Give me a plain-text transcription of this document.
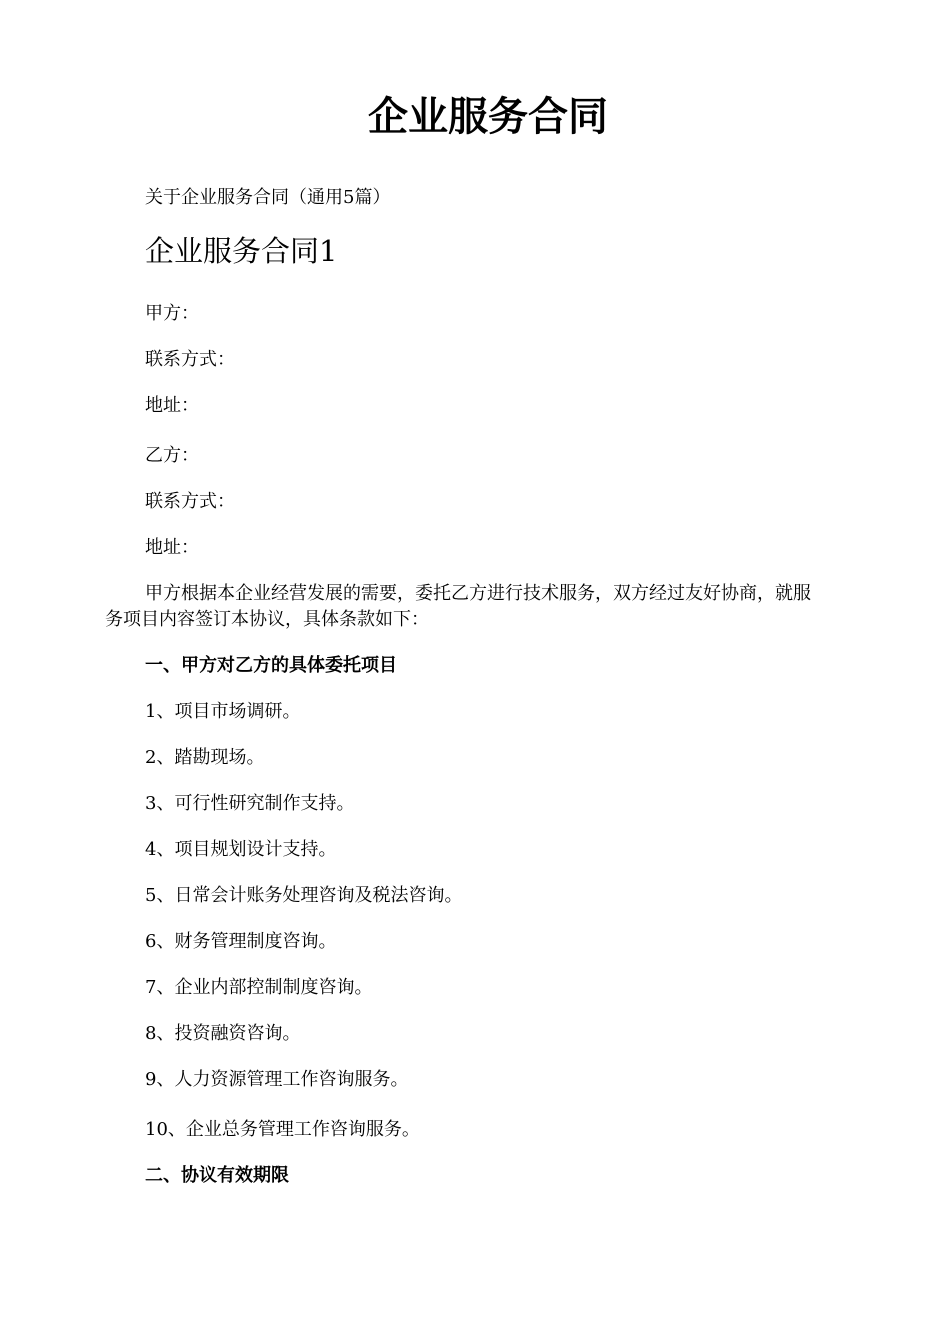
企业服务合同
关于企业服务合同（通用5篇）
企业服务合同1
甲方：
联系方式：
地址：
乙方：
联系方式：
地址：
甲方根据本企业经营发展的需要，委托乙方进行技术服务，双方经过友好协商，就服务项目内容签订本协议，具体条款如下：
一、甲方对乙方的具体委托项目
1、项目市场调研。
2、踏勘现场。
3、可行性研究制作支持。
4、项目规划设计支持。
5、日常会计账务处理咨询及税法咨询。
6、财务管理制度咨询。
7、企业内部控制制度咨询。
8、投资融资咨询。
9、人力资源管理工作咨询服务。
10、企业总务管理工作咨询服务。
二、协议有效期限
